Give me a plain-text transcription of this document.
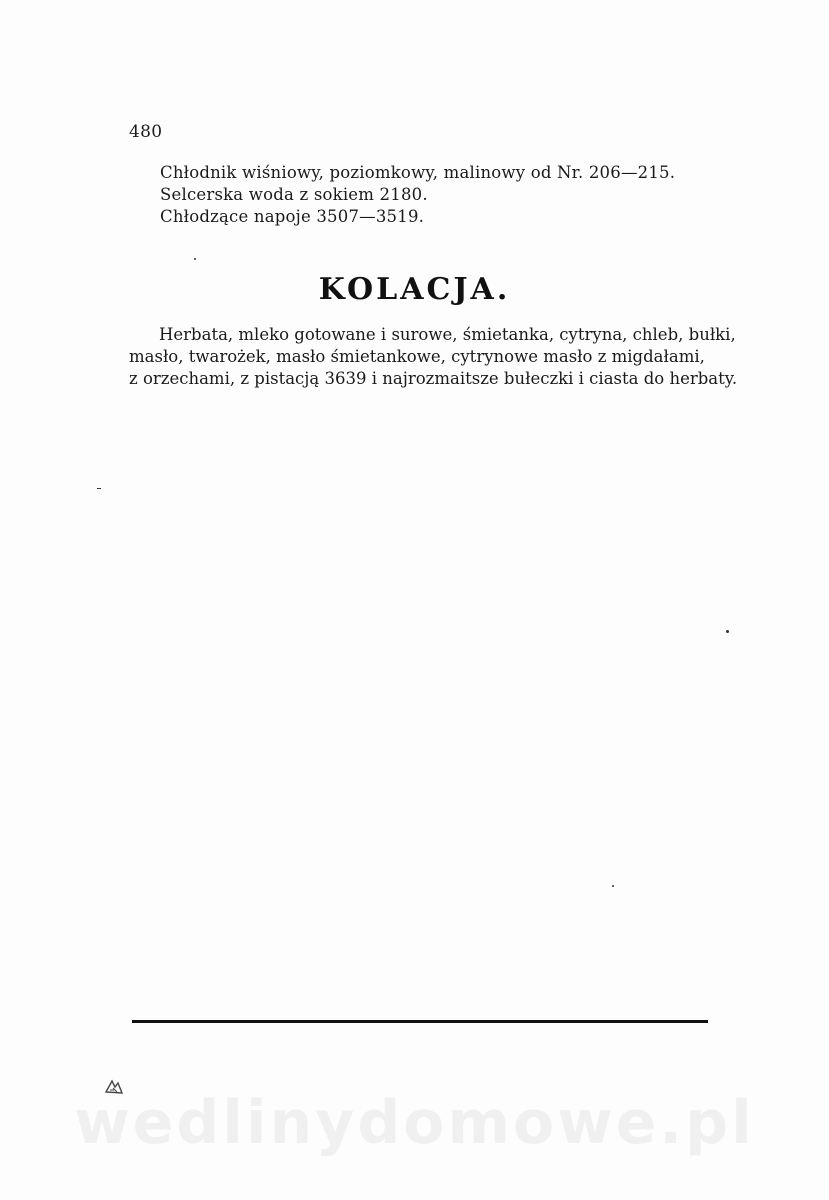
480
Chłodnik wiśniowy, poziomkowy, malinowy od Nr. 206—215.
Selcerska woda z sokiem 2180.
Chłodzące napoje 3507—3519.
KOLACJA.
Herbata, mleko gotowane i surowe, śmietanka, cytryna, chleb, bułki,
masło, twarożek, masło śmietankowe, cytrynowe masło z migdałami,
z orzechami, z pistacją 3639 i najrozmaitsze bułeczki i ciasta do herbaty.
wedlinydomowe.pl
